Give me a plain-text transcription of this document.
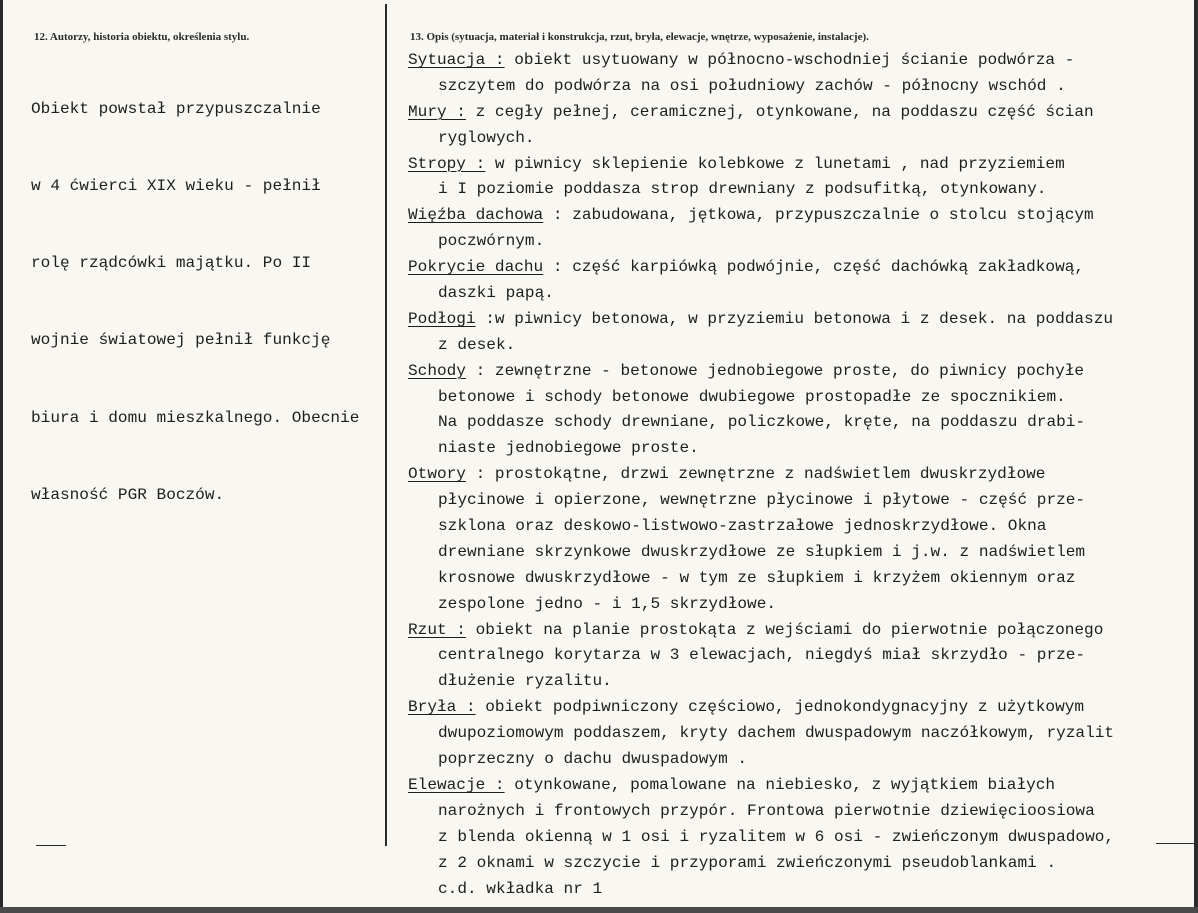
12. Autorzy, historia obiektu, określenia stylu.	13. Opis (sytuacja, materiał i konstrukcja, rzut, bryła, elewacje, wnętrze, wyposażenie, instalacje).

Obiekt powstał przypuszczalnie

w 4 ćwierci XIX wieku - pełnił

rolę rządcówki majątku. Po II

wojnie światowej pełnił funkcję

biura i domu mieszkalnego. Obecnie

własność PGR Boczów.

Sytuacja : obiekt usytuowany w północno-wschodniej ścianie podwórza -
szczytem do podwórza na osi południowy zachów - północny wschód .
Mury : z cegły pełnej, ceramicznej, otynkowane, na poddaszu część ścian
ryglowych.
Stropy : w piwnicy sklepienie kolebkowe z lunetami , nad przyziemiem
i I poziomie poddasza strop drewniany z podsufitką, otynkowany.
Więźba dachowa : zabudowana, jętkowa, przypuszczalnie o stolcu stojącym
poczwórnym.
Pokrycie dachu : część karpiówką podwójnie, część dachówką zakładkową,
daszki papą.
Podłogi :w piwnicy betonowa, w przyziemiu betonowa i z desek. na poddaszu
z desek.
Schody : zewnętrzne - betonowe jednobiegowe proste, do piwnicy pochyłe
betonowe i schody betonowe dwubiegowe prostopadłe ze spocznikiem.
Na poddasze schody drewniane, policzkowe, kręte, na poddaszu drabi-
niaste jednobiegowe proste.
Otwory : prostokątne, drzwi zewnętrzne z nadświetlem dwuskrzydłowe
płycinowe i opierzone, wewnętrzne płycinowe i płytowe - część prze-
szklona oraz deskowo-listwowo-zastrzałowe jednoskrzydłowe. Okna
drewniane skrzynkowe dwuskrzydłowe ze słupkiem i j.w. z nadświetlem
krosnowe dwuskrzydłowe - w tym ze słupkiem i krzyżem okiennym oraz
zespolone jedno - i 1,5 skrzydłowe.
Rzut : obiekt na planie prostokąta z wejściami do pierwotnie połączonego
centralnego korytarza w 3 elewacjach, niegdyś miał skrzydło - prze-
dłużenie ryzalitu.
Bryła : obiekt podpiwniczony częściowo, jednokondygnacyjny z użytkowym
dwupoziomowym poddaszem, kryty dachem dwuspadowym naczółkowym, ryzalit
poprzeczny o dachu dwuspadowym .
Elewacje : otynkowane, pomalowane na niebiesko, z wyjątkiem białych
narożnych i frontowych przypór. Frontowa pierwotnie dziewięcioosiowa
z blenda okienną w 1 osi i ryzalitem w 6 osi - zwieńczonym dwuspadowo,
z 2 oknami w szczycie i przyporami zwieńczonymi pseudoblankami .
c.d. wkładka nr 1
